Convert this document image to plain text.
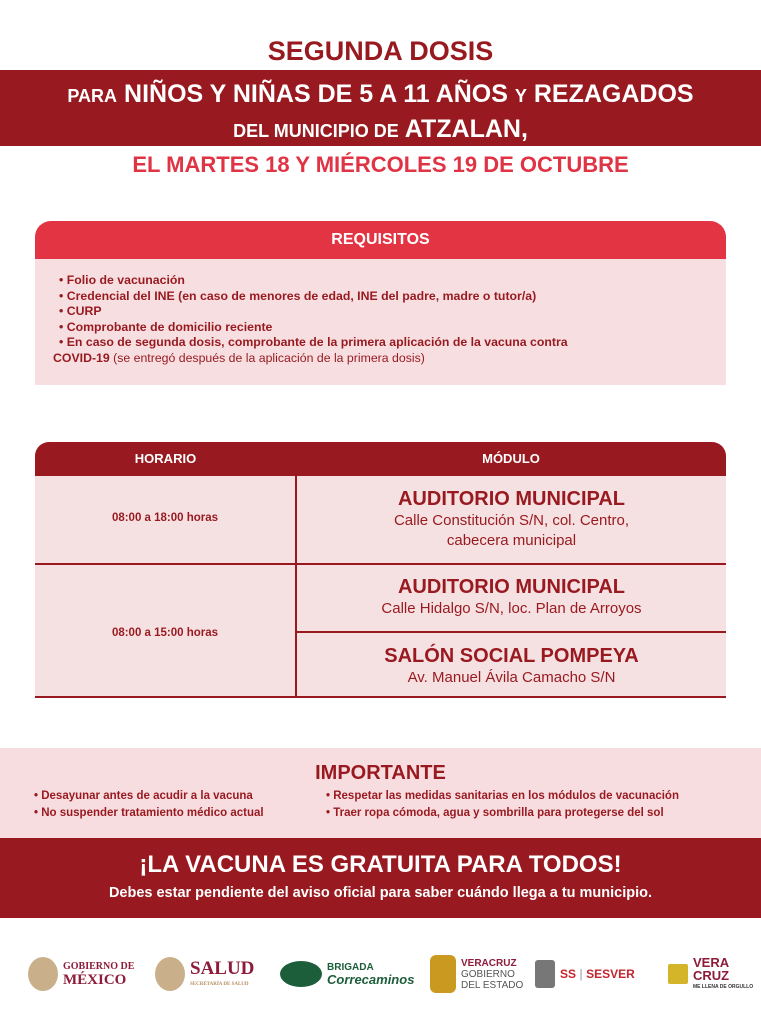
SEGUNDA DOSIS
PARA NIÑOS Y NIÑAS DE 5 A 11 AÑOS Y REZAGADOS
DEL MUNICIPIO DE ATZALAN,
EL MARTES 18 Y MIÉRCOLES 19 DE OCTUBRE
REQUISITOS
• Folio de vacunación
• Credencial del INE (en caso de menores de edad, INE del padre, madre o tutor/a)
• CURP
• Comprobante de domicilio reciente
• En caso de segunda dosis, comprobante de la primera aplicación de la vacuna contra
COVID-19 (se entregó después de la aplicación de la primera dosis)
HORARIO	MÓDULO
08:00 a 18:00 horas
AUDITORIO MUNICIPAL
Calle Constitución S/N, col. Centro,
cabecera municipal
08:00 a 15:00 horas
AUDITORIO MUNICIPAL
Calle Hidalgo S/N, loc. Plan de Arroyos
SALÓN SOCIAL POMPEYA
Av. Manuel Ávila Camacho S/N
IMPORTANTE
• Desayunar antes de acudir a la vacuna
• No suspender tratamiento médico actual
• Respetar las medidas sanitarias en los módulos de vacunación
• Traer ropa cómoda, agua y sombrilla para protegerse del sol
¡LA VACUNA ES GRATUITA PARA TODOS!
Debes estar pendiente del aviso oficial para saber cuándo llega a tu municipio.
GOBIERNO DE
MÉXICO
SALUD
SECRETARÍA DE SALUD
BRIGADA
Correcaminos
VERACRUZ
GOBIERNO
DEL ESTADO
SS | SESVER
VERA CRUZ
ME LLENA DE ORGULLO
